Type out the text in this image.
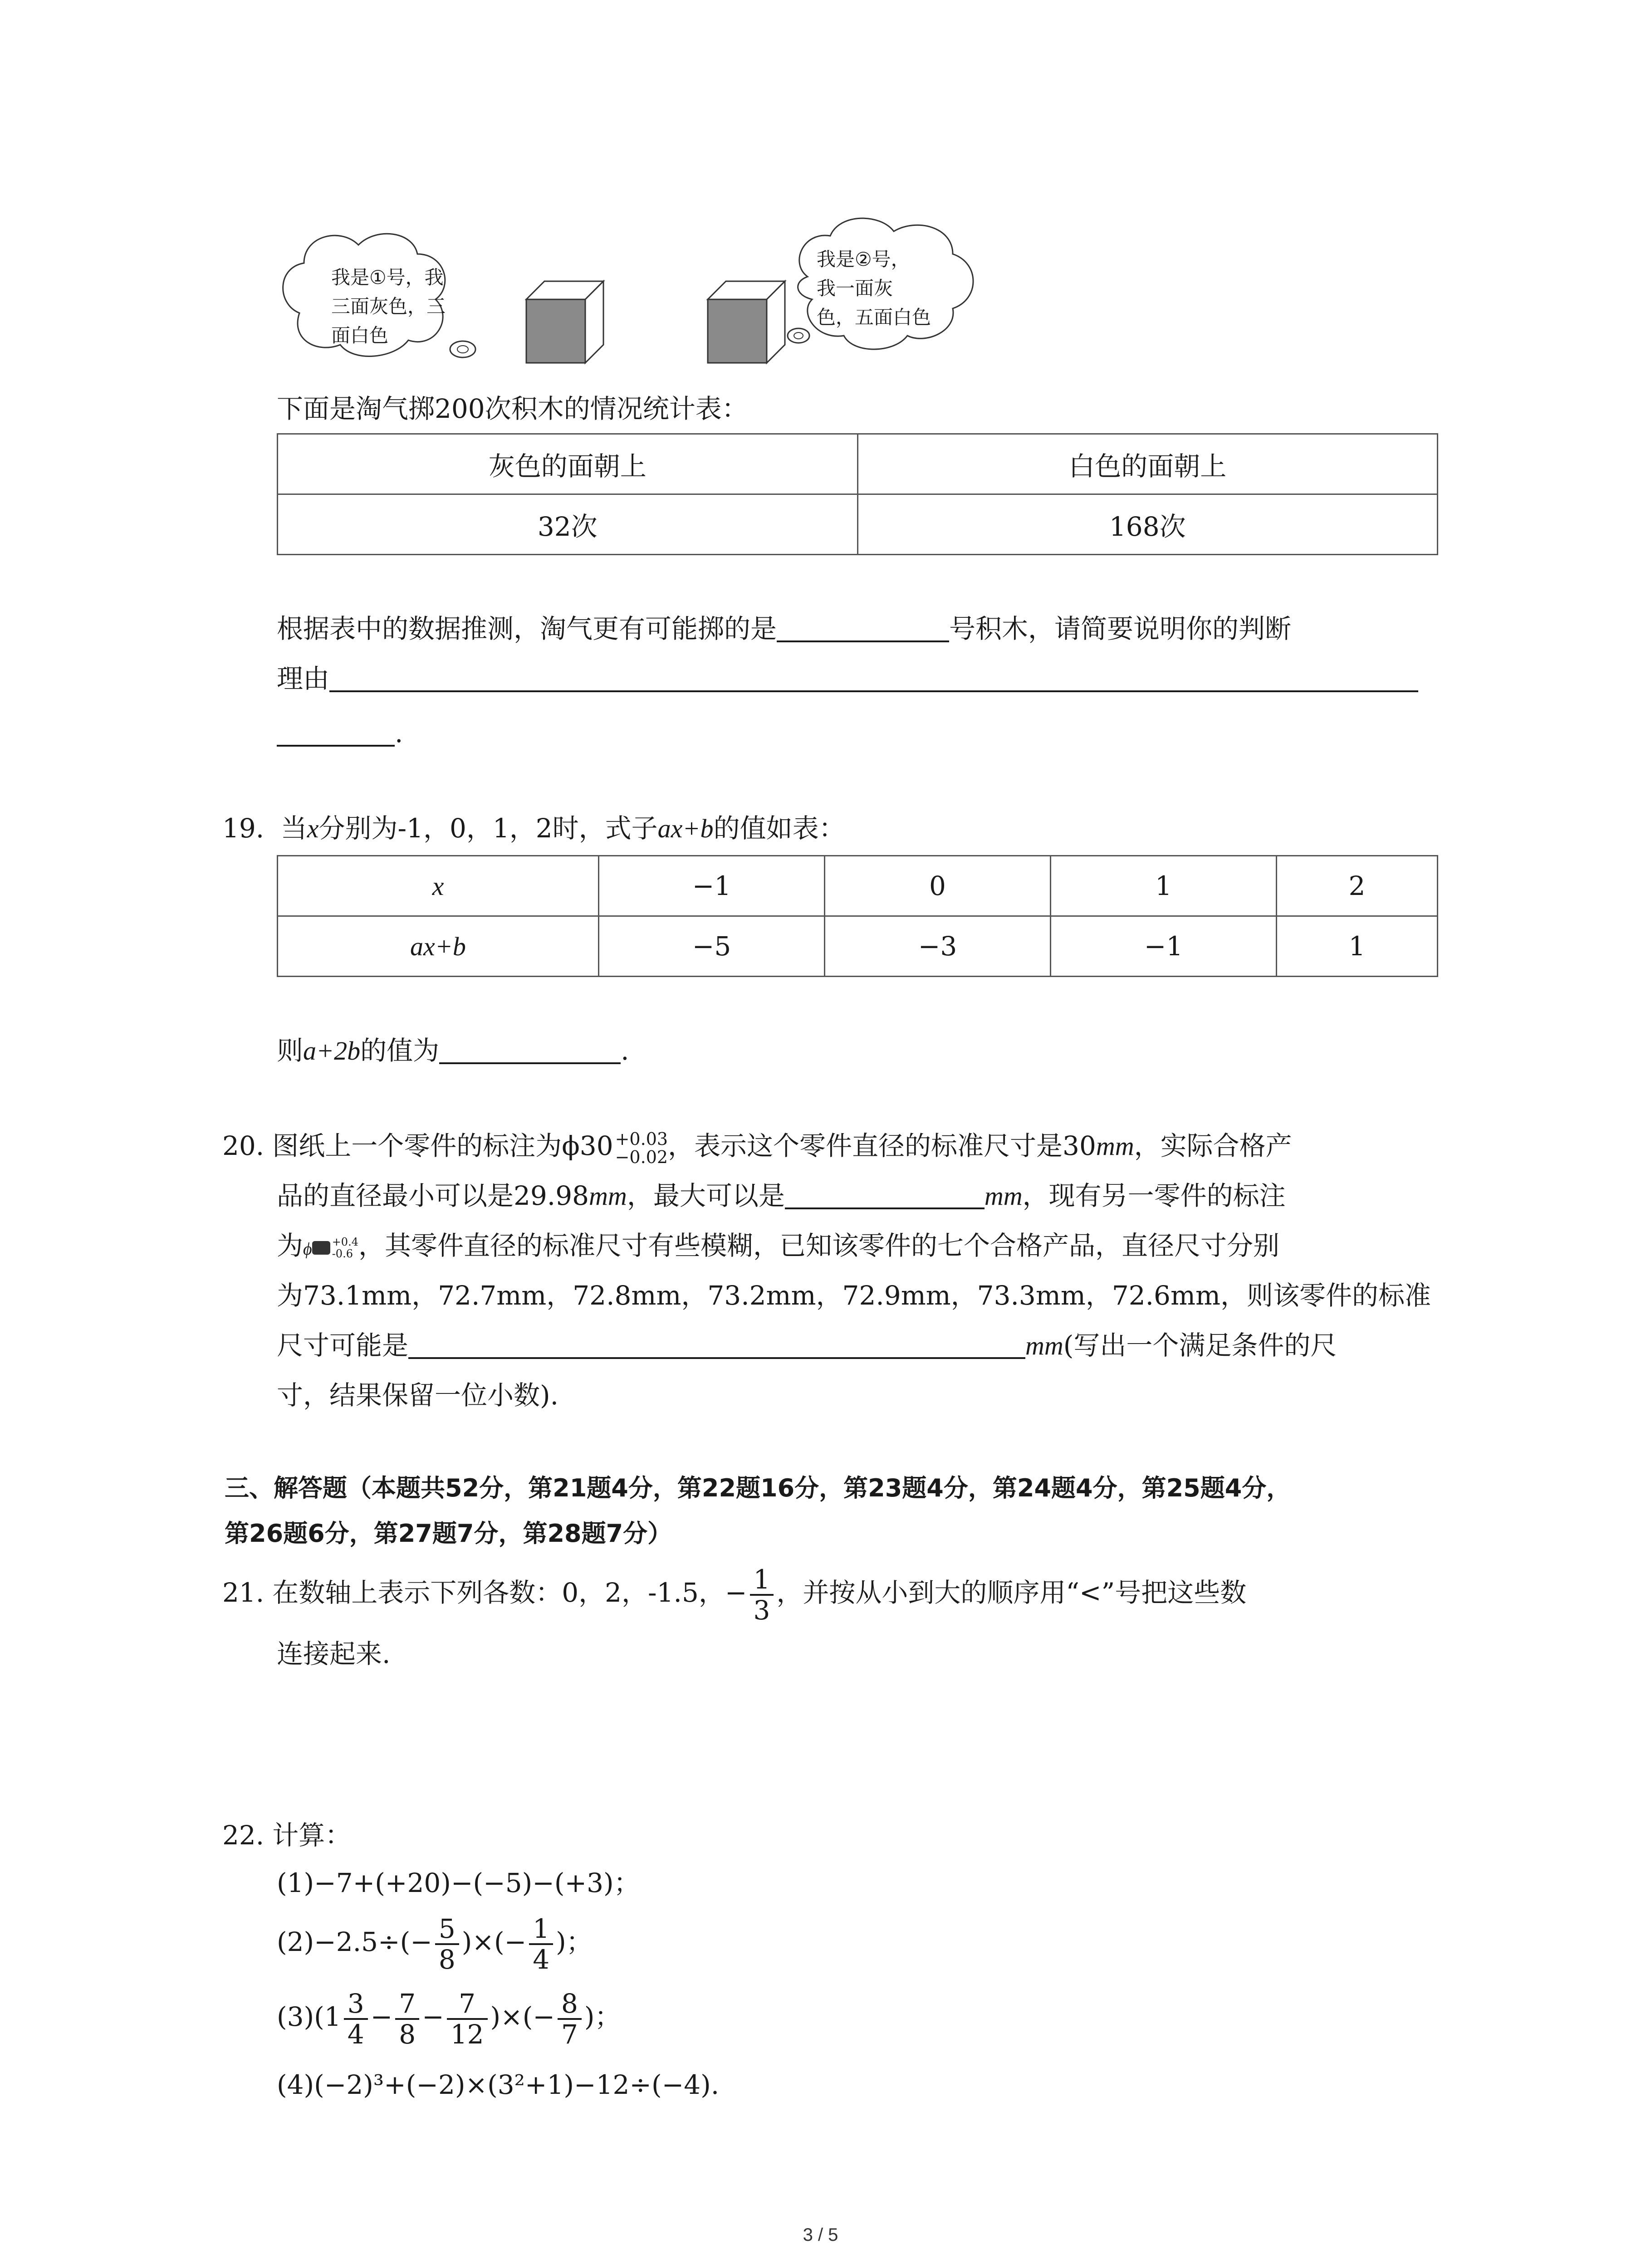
我是①号，我
三面灰色，三
面白色
我是②号，
我一面灰
色，五面白色
下面是淘气掷200次积木的情况统计表：
灰色的面朝上	白色的面朝上
32次	168次
根据表中的数据推测，淘气更有可能掷的是	号积木，请简要说明你的判断
理由
.
19. 当x分别为-1，0，1，2时，式子ax+b的值如表：
x	−1	0	1	2
ax+b	−5	−3	−1	1
则a+2b的值为	.
20. 图纸上一个零件的标注为ϕ30 +0.03
−0.02 ，表示这个零件直径的标准尺寸是30mm，实际合格产
品的直径最小可以是29.98mm，最大可以是	mm，现有另一零件的标注
为ϕ +0.4
-0.6 ，其零件直径的标准尺寸有些模糊，已知该零件的七个合格产品，直径尺寸分别
为73.1mm，72.7mm，72.8mm，73.2mm，72.9mm，73.3mm，72.6mm，则该零件的标准
尺寸可能是	mm(写出一个满足条件的尺
寸，结果保留一位小数).
三、解答题（本题共52分，第21题4分，第22题16分，第23题4分，第24题4分，第25题4分，
第26题6分，第27题7分，第28题7分）
21. 在数轴上表示下列各数：0，2，-1.5，− $\frac{1}{3}$ ，并按从小到大的顺序用“<”号把这些数
连接起来.
22. 计算：
(1)−7+(+20)−(−5)−(+3)；
$(2)-2.5\div(- \frac{5}{8}$ )×(− $\frac{1}{4}$ )；
$(3)(1 \frac{3}{4} - \frac{7}{8} - \frac{7}{12}$ )×(− $\frac{8}{7}$ )；
(4)(−2)³+(−2)×(3²+1)−12÷(−4).
3 / 5
